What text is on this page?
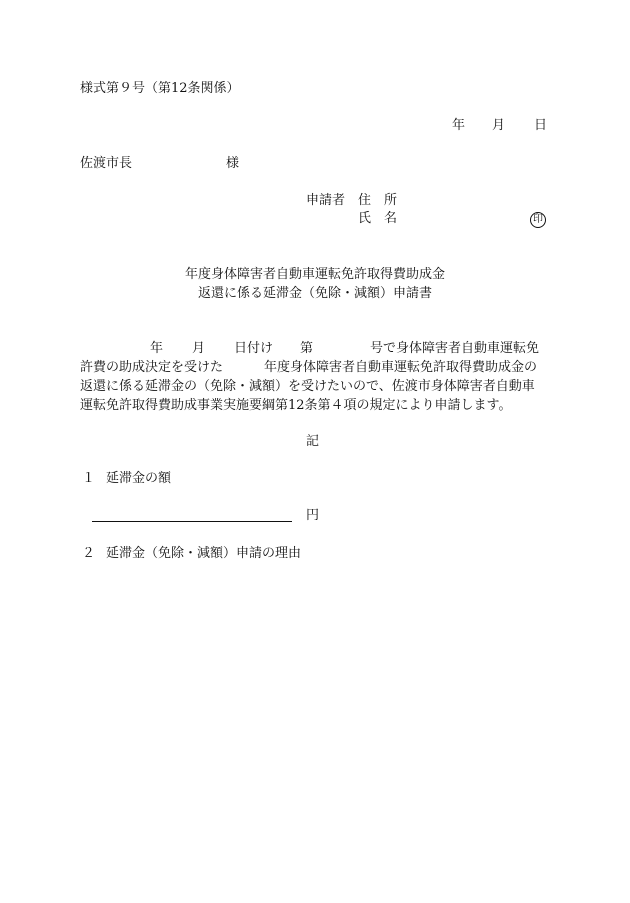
様式第９号（第12条関係）
年 月 日
佐渡市長	様
申請者 住　所
氏　名	印
年度身体障害者自動車運転免許取得費助成金
返還に係る延滞金（免除・減額）申請書
年 月 日付け 第	号で身体障害者自動車運転免
許費の助成決定を受けた	年度身体障害者自動車運転免許取得費助成金の
返還に係る延滞金の（免除・減額）を受けたいので、佐渡市身体障害者自動車
運転免許取得費助成事業実施要綱第12条第４項の規定により申請します。
記
１ 延滞金の額
円
２ 延滞金（免除・減額）申請の理由
